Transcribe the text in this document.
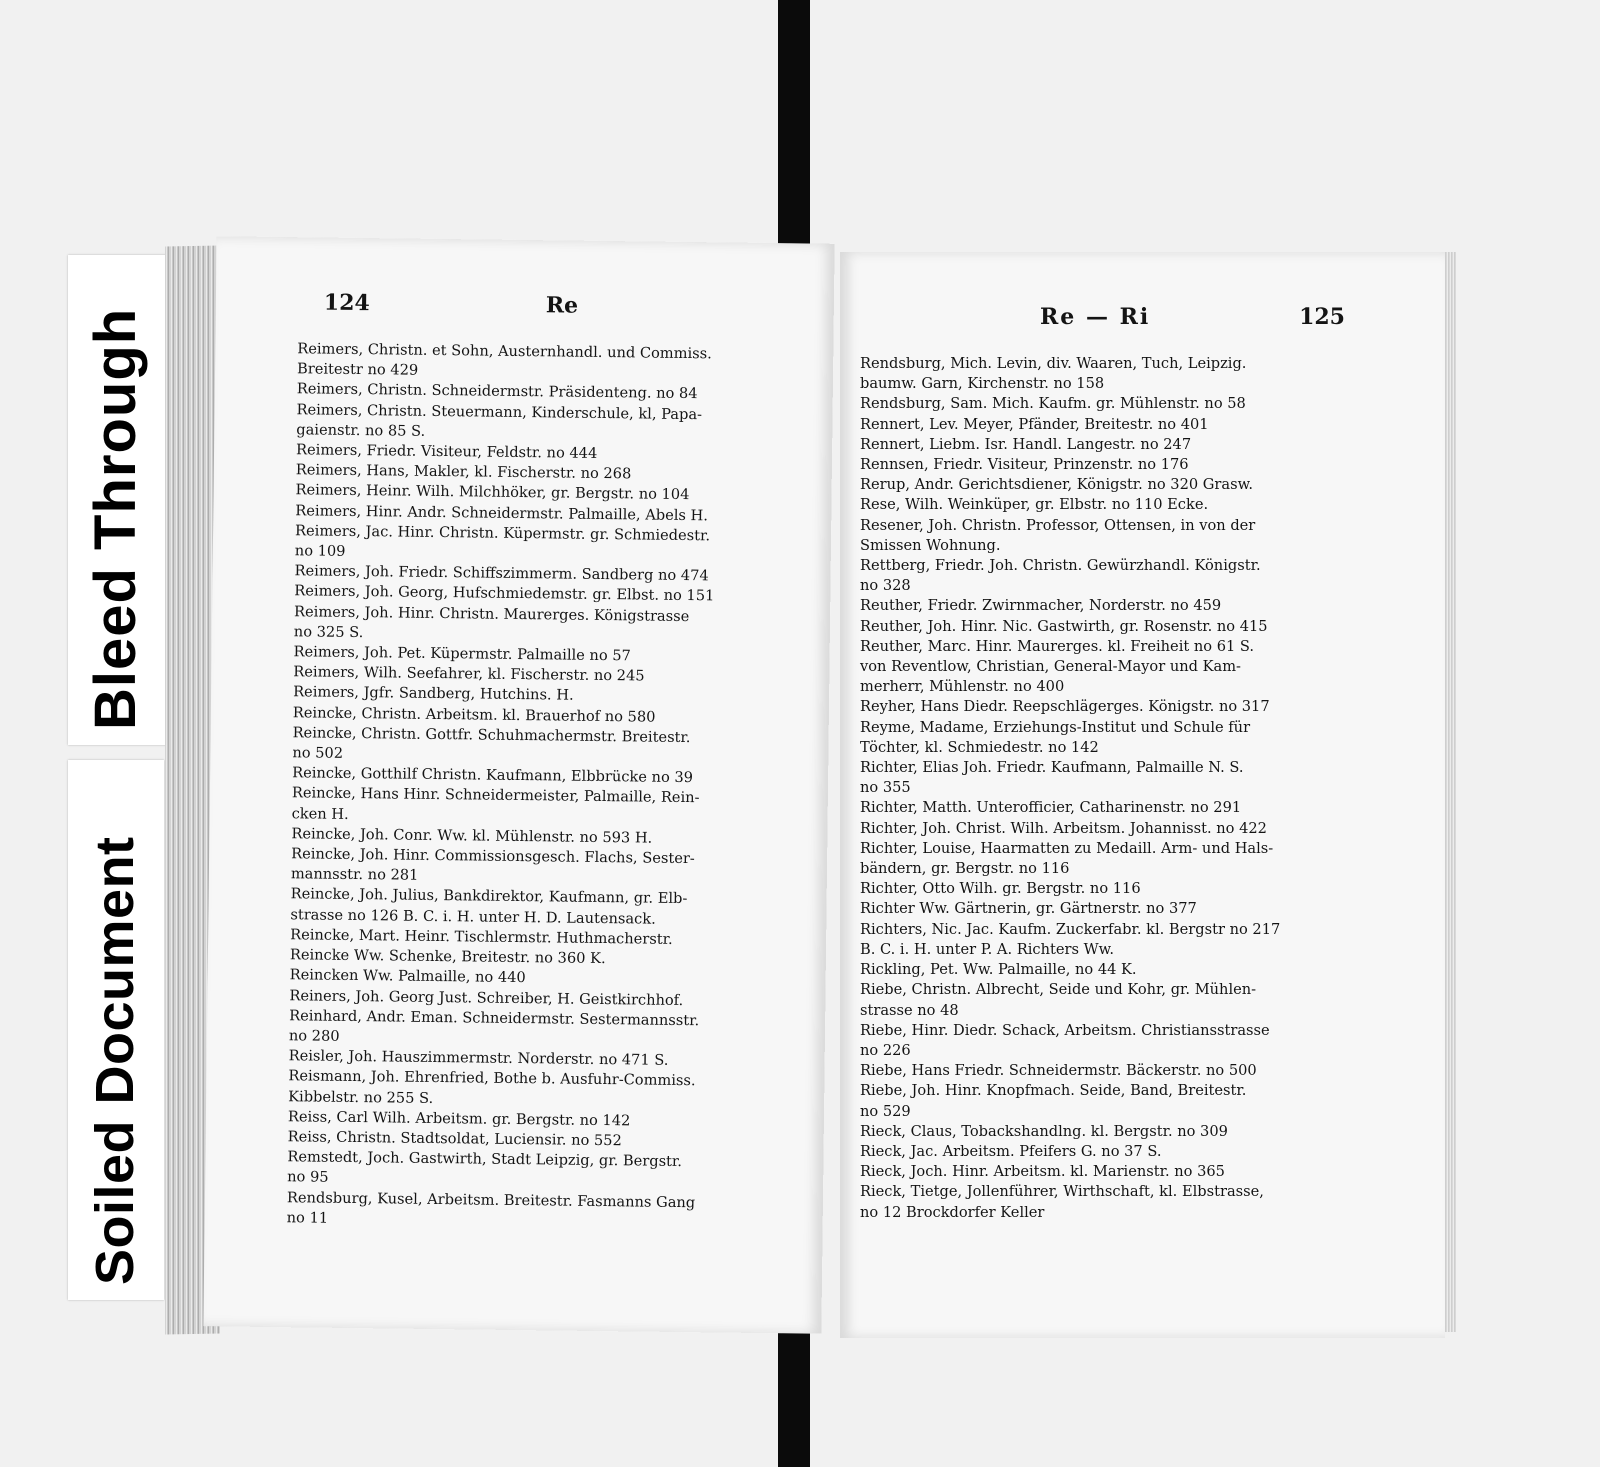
Bleed Through
Soiled Document
124	Re

Reimers, Christn. et Sohn, Austernhandl. und Commiss.
Breitestr no 429

Reimers, Christn. Schneidermstr. Präsidenteng. no 84

Reimers, Christn. Steuermann, Kinderschule, kl, Papa-
gaienstr. no 85 S.

Reimers, Friedr. Visiteur, Feldstr. no 444

Reimers, Hans, Makler, kl. Fischerstr. no 268

Reimers, Heinr. Wilh. Milchhöker, gr. Bergstr. no 104

Reimers, Hinr. Andr. Schneidermstr. Palmaille, Abels H.

Reimers, Jac. Hinr. Christn. Küpermstr. gr. Schmiedestr.
no 109

Reimers, Joh. Friedr. Schiffszimmerm. Sandberg no 474

Reimers, Joh. Georg, Hufschmiedemstr. gr. Elbst. no 151

Reimers, Joh. Hinr. Christn. Maurerges. Königstrasse
no 325 S.

Reimers, Joh. Pet. Küpermstr. Palmaille no 57

Reimers, Wilh. Seefahrer, kl. Fischerstr. no 245

Reimers, Jgfr. Sandberg, Hutchins. H.

Reincke, Christn. Arbeitsm. kl. Brauerhof no 580

Reincke, Christn. Gottfr. Schuhmachermstr. Breitestr.
no 502

Reincke, Gotthilf Christn. Kaufmann, Elbbrücke no 39

Reincke, Hans Hinr. Schneidermeister, Palmaille, Rein-
cken H.

Reincke, Joh. Conr. Ww. kl. Mühlenstr. no 593 H.

Reincke, Joh. Hinr. Commissionsgesch. Flachs, Sester-
mannsstr. no 281

Reincke, Joh. Julius, Bankdirektor, Kaufmann, gr. Elb-
strasse no 126 B. C. i. H. unter H. D. Lautensack.

Reincke, Mart. Heinr. Tischlermstr. Huthmacherstr.

Reincke Ww. Schenke, Breitestr. no 360 K.

Reincken Ww. Palmaille, no 440

Reiners, Joh. Georg Just. Schreiber, H. Geistkirchhof.

Reinhard, Andr. Eman. Schneidermstr. Sestermannsstr.
no 280

Reisler, Joh. Hauszimmermstr. Norderstr. no 471 S.

Reismann, Joh. Ehrenfried, Bothe b. Ausfuhr-Commiss.
Kibbelstr. no 255 S.

Reiss, Carl Wilh. Arbeitsm. gr. Bergstr. no 142

Reiss, Christn. Stadtsoldat, Luciensir. no 552

Remstedt, Joch. Gastwirth, Stadt Leipzig, gr. Bergstr.
no 95

Rendsburg, Kusel, Arbeitsm. Breitestr. Fasmanns Gang
no 11

Re — Ri	125

Rendsburg, Mich. Levin, div. Waaren, Tuch, Leipzig.
baumw. Garn, Kirchenstr. no 158

Rendsburg, Sam. Mich. Kaufm. gr. Mühlenstr. no 58

Rennert, Lev. Meyer, Pfänder, Breitestr. no 401

Rennert, Liebm. Isr. Handl. Langestr. no 247

Rennsen, Friedr. Visiteur, Prinzenstr. no 176

Rerup, Andr. Gerichtsdiener, Königstr. no 320 Grasw.

Rese, Wilh. Weinküper, gr. Elbstr. no 110 Ecke.

Resener, Joh. Christn. Professor, Ottensen, in von der
Smissen Wohnung.

Rettberg, Friedr. Joh. Christn. Gewürzhandl. Königstr.
no 328

Reuther, Friedr. Zwirnmacher, Norderstr. no 459

Reuther, Joh. Hinr. Nic. Gastwirth, gr. Rosenstr. no 415

Reuther, Marc. Hinr. Maurerges. kl. Freiheit no 61 S.

von Reventlow, Christian, General-Mayor und Kam-
merherr, Mühlenstr. no 400

Reyher, Hans Diedr. Reepschlägerges. Königstr. no 317

Reyme, Madame, Erziehungs-Institut und Schule für
Töchter, kl. Schmiedestr. no 142

Richter, Elias Joh. Friedr. Kaufmann, Palmaille N. S.
no 355

Richter, Matth. Unterofficier, Catharinenstr. no 291

Richter, Joh. Christ. Wilh. Arbeitsm. Johannisst. no 422

Richter, Louise, Haarmatten zu Medaill. Arm- und Hals-
bändern, gr. Bergstr. no 116

Richter, Otto Wilh. gr. Bergstr. no 116

Richter Ww. Gärtnerin, gr. Gärtnerstr. no 377

Richters, Nic. Jac. Kaufm. Zuckerfabr. kl. Bergstr no 217
B. C. i. H. unter P. A. Richters Ww.

Rickling, Pet. Ww. Palmaille, no 44 K.

Riebe, Christn. Albrecht, Seide und Kohr, gr. Mühlen-
strasse no 48

Riebe, Hinr. Diedr. Schack, Arbeitsm. Christiansstrasse
no 226

Riebe, Hans Friedr. Schneidermstr. Bäckerstr. no 500

Riebe, Joh. Hinr. Knopfmach. Seide, Band, Breitestr.
no 529

Rieck, Claus, Tobackshandlng. kl. Bergstr. no 309

Rieck, Jac. Arbeitsm. Pfeifers G. no 37 S.

Rieck, Joch. Hinr. Arbeitsm. kl. Marienstr. no 365

Rieck, Tietge, Jollenführer, Wirthschaft, kl. Elbstrasse,
no 12 Brockdorfer Keller
